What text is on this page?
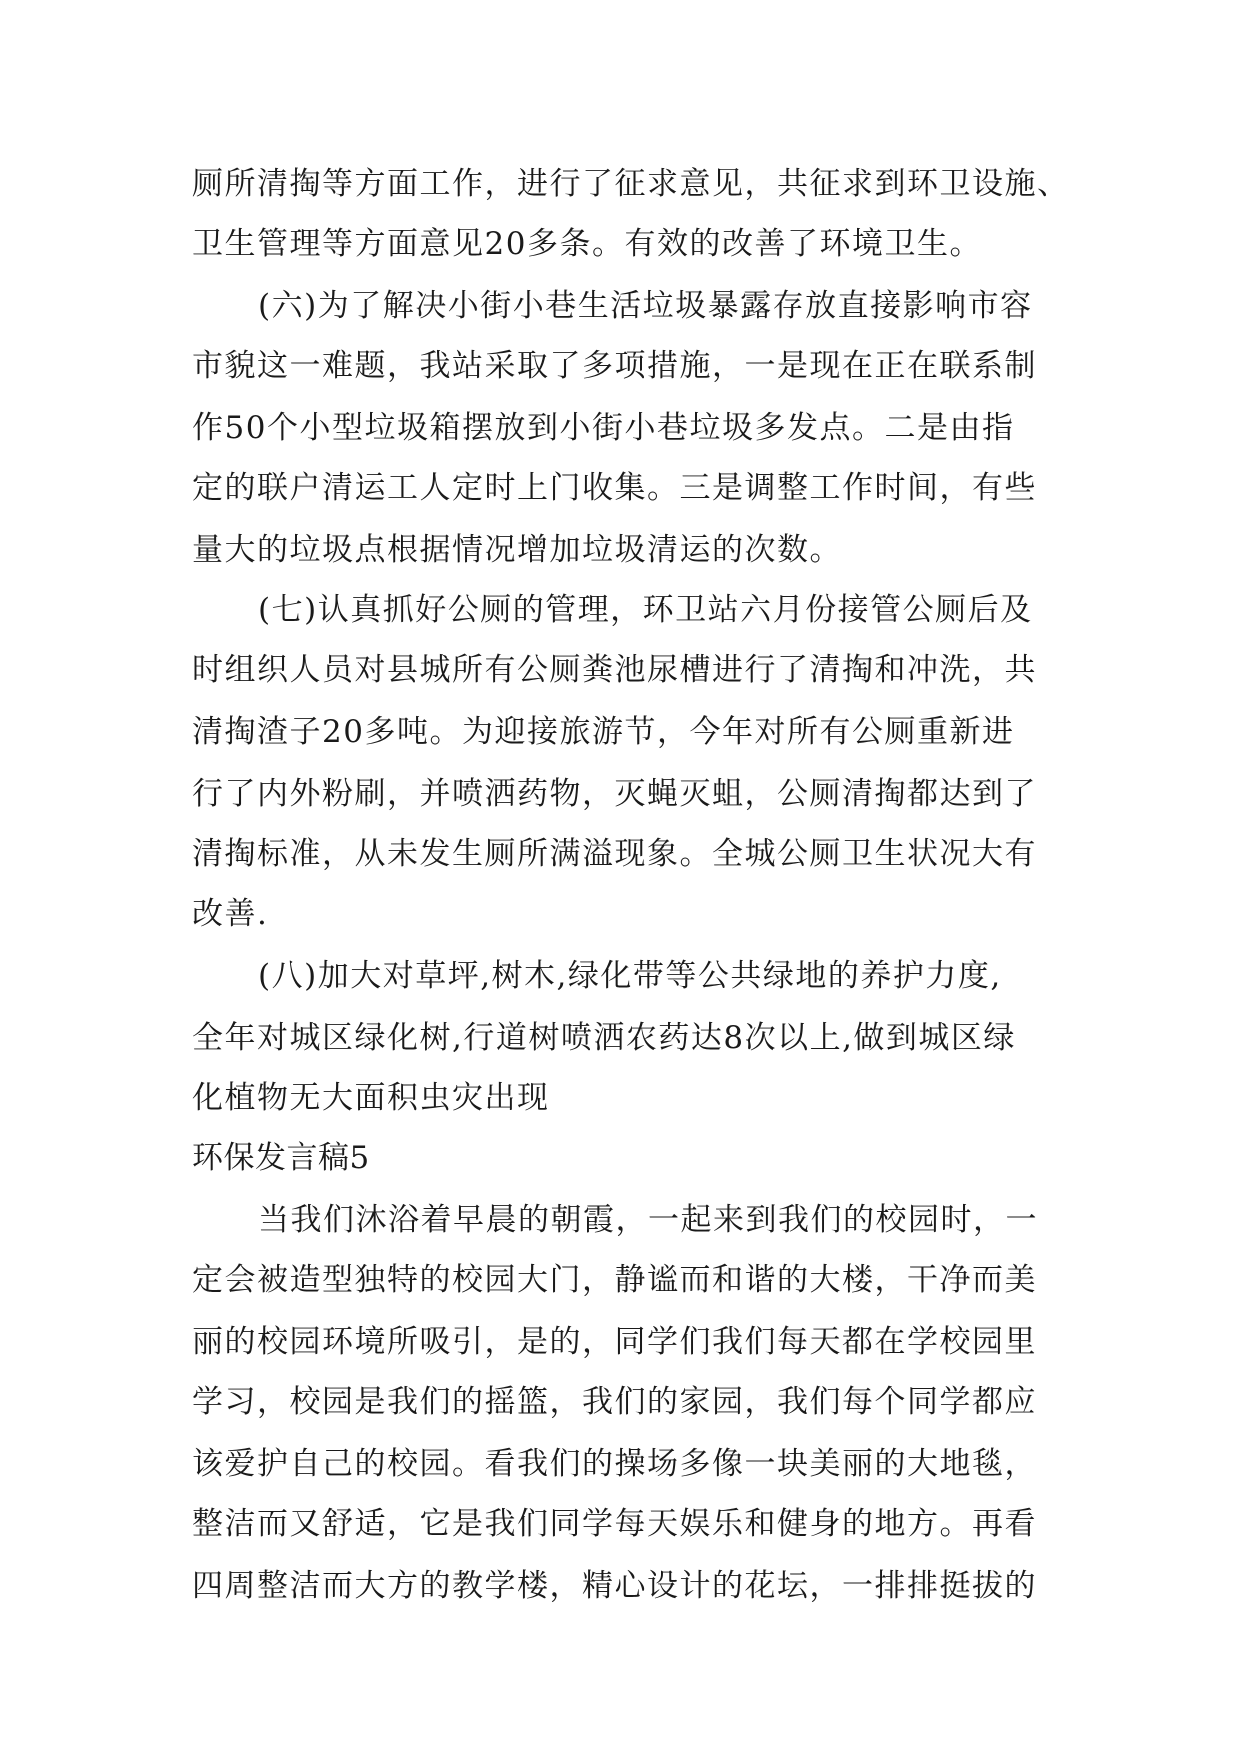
厕所清掏等方面工作，进行了征求意见，共征求到环卫设施、
卫生管理等方面意见20多条。有效的改善了环境卫生。
(六)为了解决小街小巷生活垃圾暴露存放直接影响市容
市貌这一难题，我站采取了多项措施，一是现在正在联系制
作50个小型垃圾箱摆放到小街小巷垃圾多发点。二是由指
定的联户清运工人定时上门收集。三是调整工作时间，有些
量大的垃圾点根据情况增加垃圾清运的次数。
(七)认真抓好公厕的管理，环卫站六月份接管公厕后及
时组织人员对县城所有公厕粪池尿槽进行了清掏和冲洗，共
清掏渣子20多吨。为迎接旅游节，今年对所有公厕重新进
行了内外粉刷，并喷洒药物，灭蝇灭蛆，公厕清掏都达到了
清掏标准，从未发生厕所满溢现象。全城公厕卫生状况大有
改善.
(八)加大对草坪,树木,绿化带等公共绿地的养护力度,
全年对城区绿化树,行道树喷洒农药达8次以上,做到城区绿
化植物无大面积虫灾出现
环保发言稿5
当我们沐浴着早晨的朝霞，一起来到我们的校园时，一
定会被造型独特的校园大门，静谧而和谐的大楼，干净而美
丽的校园环境所吸引，是的，同学们我们每天都在学校园里
学习，校园是我们的摇篮，我们的家园，我们每个同学都应
该爱护自己的校园。看我们的操场多像一块美丽的大地毯，
整洁而又舒适，它是我们同学每天娱乐和健身的地方。再看
四周整洁而大方的教学楼，精心设计的花坛，一排排挺拔的
